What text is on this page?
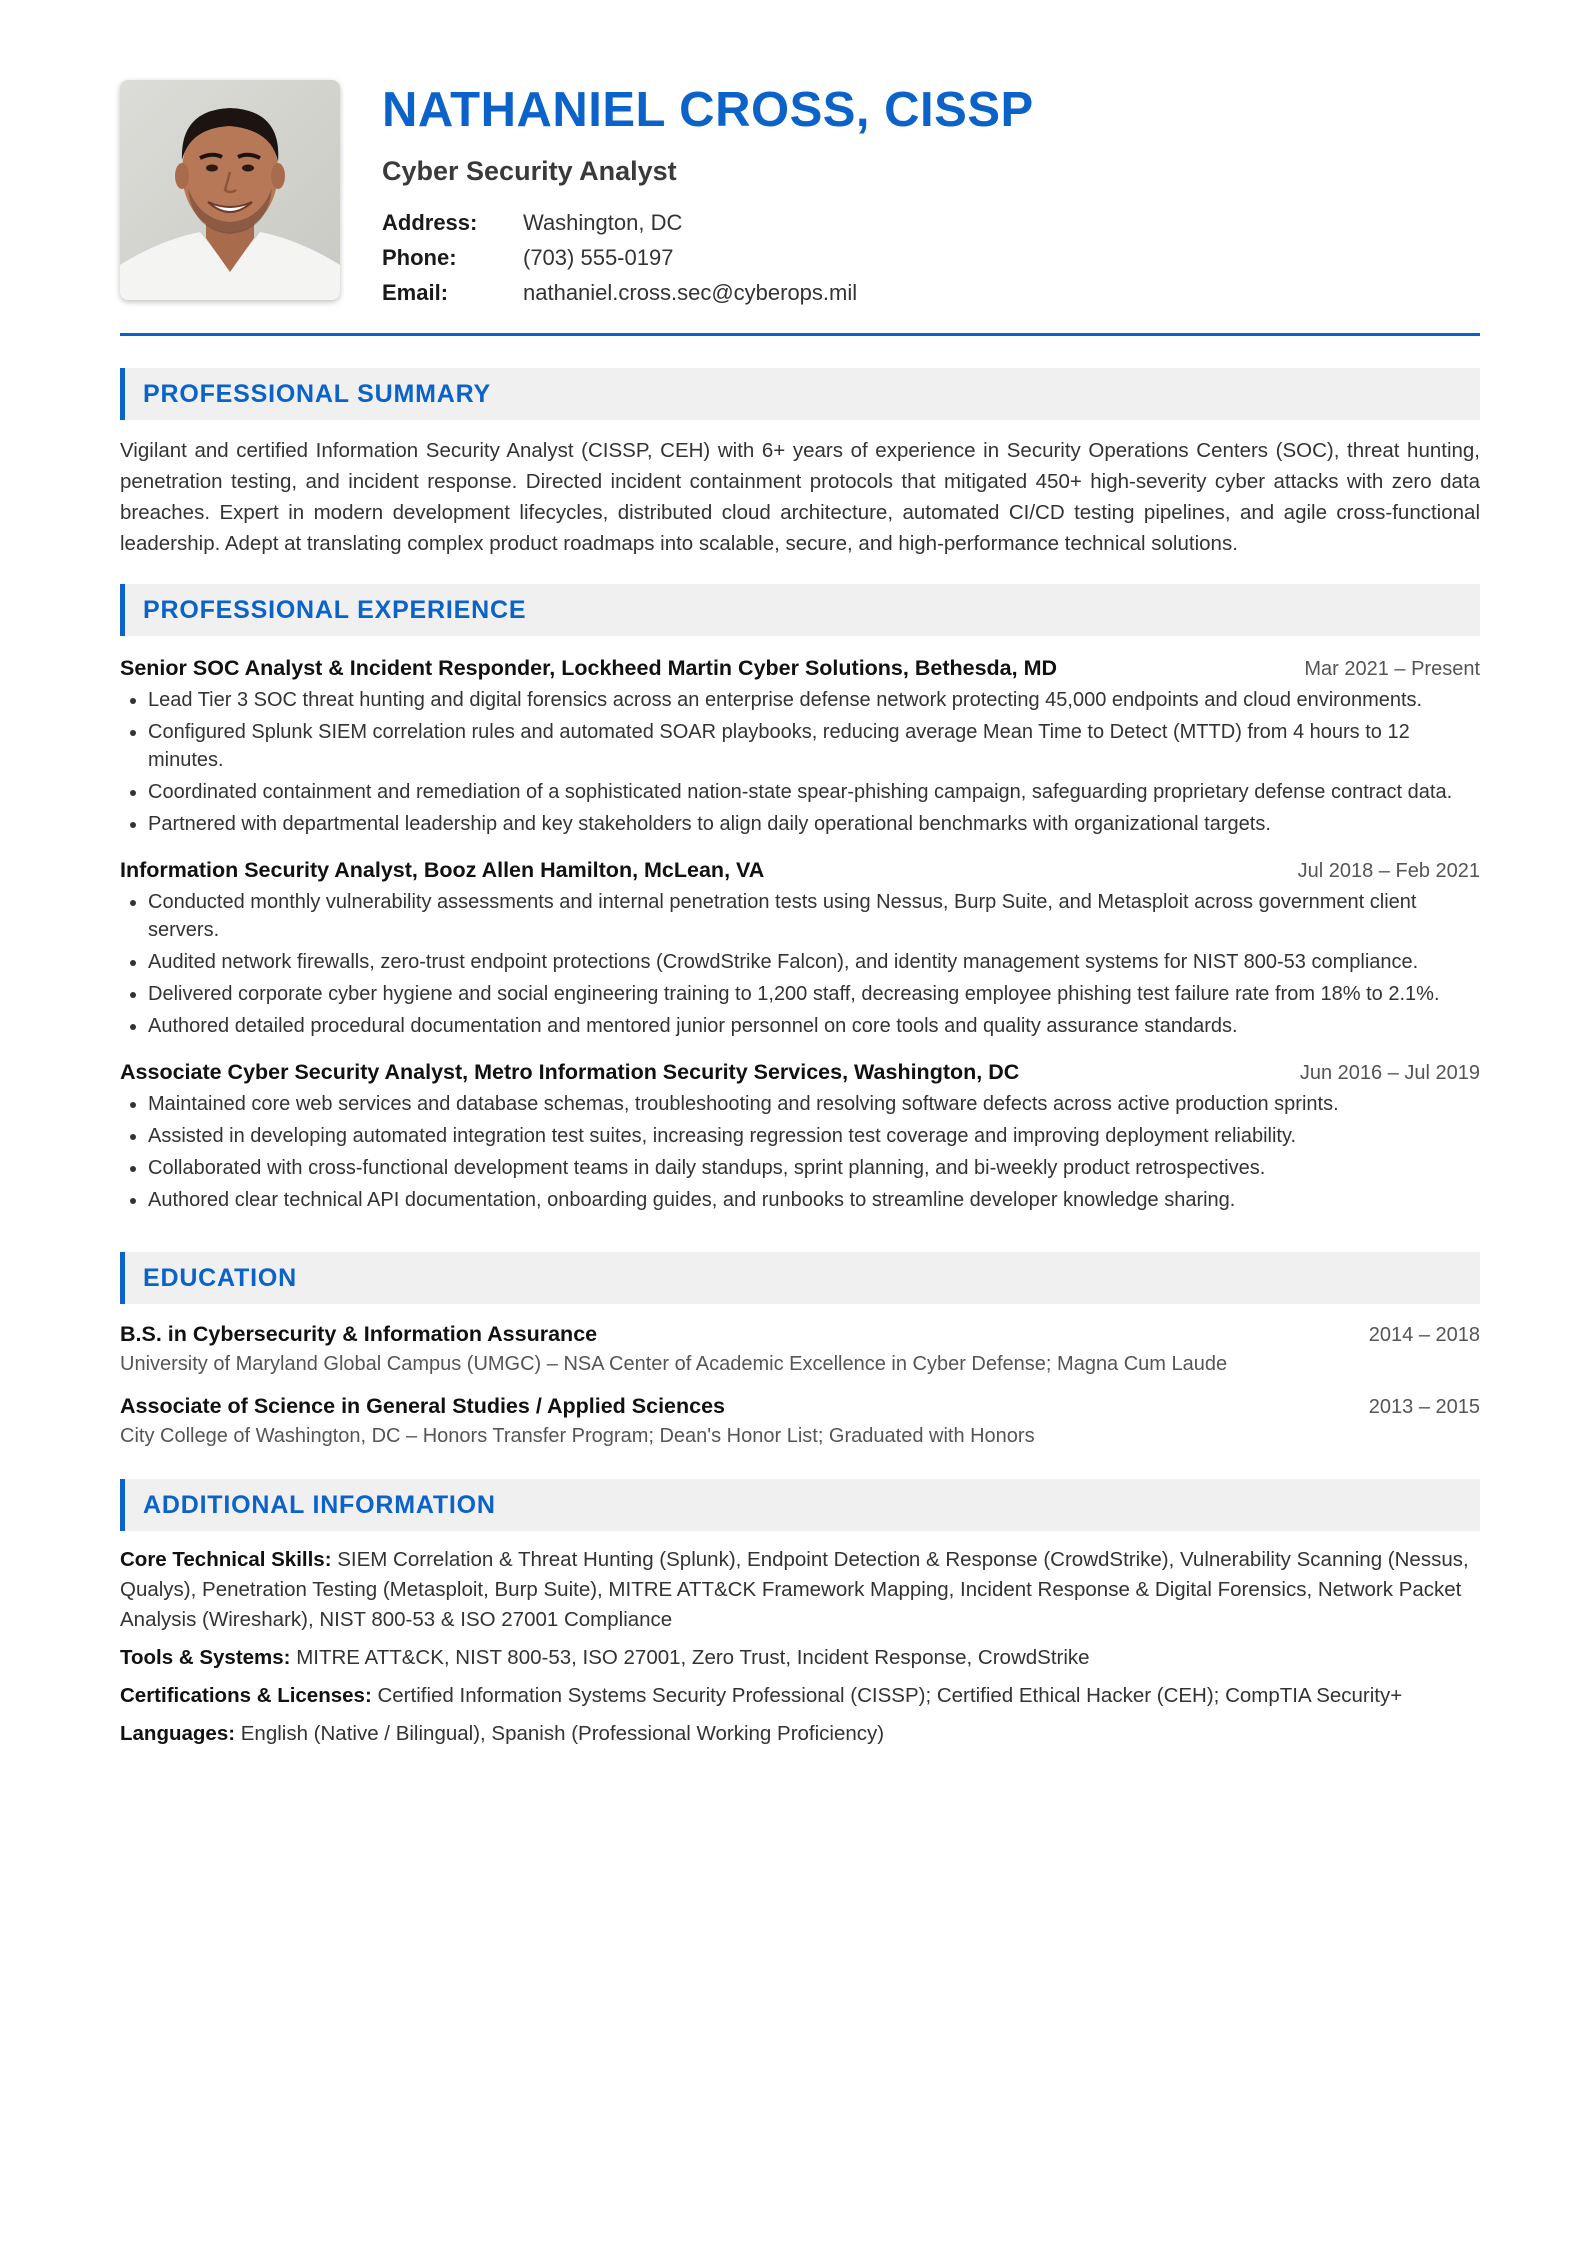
NATHANIEL CROSS, CISSP
Cyber Security Analyst
Address:	Washington, DC
Phone:	(703) 555-0197
Email:	nathaniel.cross.sec@cyberops.mil
PROFESSIONAL SUMMARY
Vigilant and certified Information Security Analyst (CISSP, CEH) with 6+ years of experience in Security Operations Centers (SOC), threat hunting, penetration testing, and incident response. Directed incident containment protocols that mitigated 450+ high-severity cyber attacks with zero data breaches. Expert in modern development lifecycles, distributed cloud architecture, automated CI/CD testing pipelines, and agile cross-functional leadership. Adept at translating complex product roadmaps into scalable, secure, and high-performance technical solutions.
PROFESSIONAL EXPERIENCE
Senior SOC Analyst & Incident Responder, Lockheed Martin Cyber Solutions, Bethesda, MD	Mar 2021 – Present
• Lead Tier 3 SOC threat hunting and digital forensics across an enterprise defense network protecting 45,000 endpoints and cloud environments.
• Configured Splunk SIEM correlation rules and automated SOAR playbooks, reducing average Mean Time to Detect (MTTD) from 4 hours to 12 minutes.
• Coordinated containment and remediation of a sophisticated nation-state spear-phishing campaign, safeguarding proprietary defense contract data.
• Partnered with departmental leadership and key stakeholders to align daily operational benchmarks with organizational targets.
Information Security Analyst, Booz Allen Hamilton, McLean, VA	Jul 2018 – Feb 2021
• Conducted monthly vulnerability assessments and internal penetration tests using Nessus, Burp Suite, and Metasploit across government client servers.
• Audited network firewalls, zero-trust endpoint protections (CrowdStrike Falcon), and identity management systems for NIST 800-53 compliance.
• Delivered corporate cyber hygiene and social engineering training to 1,200 staff, decreasing employee phishing test failure rate from 18% to 2.1%.
• Authored detailed procedural documentation and mentored junior personnel on core tools and quality assurance standards.
Associate Cyber Security Analyst, Metro Information Security Services, Washington, DC	Jun 2016 – Jul 2019
• Maintained core web services and database schemas, troubleshooting and resolving software defects across active production sprints.
• Assisted in developing automated integration test suites, increasing regression test coverage and improving deployment reliability.
• Collaborated with cross-functional development teams in daily standups, sprint planning, and bi-weekly product retrospectives.
• Authored clear technical API documentation, onboarding guides, and runbooks to streamline developer knowledge sharing.
EDUCATION
B.S. in Cybersecurity & Information Assurance	2014 – 2018
University of Maryland Global Campus (UMGC) – NSA Center of Academic Excellence in Cyber Defense; Magna Cum Laude
Associate of Science in General Studies / Applied Sciences	2013 – 2015
City College of Washington, DC – Honors Transfer Program; Dean's Honor List; Graduated with Honors
ADDITIONAL INFORMATION
Core Technical Skills: SIEM Correlation & Threat Hunting (Splunk), Endpoint Detection & Response (CrowdStrike), Vulnerability Scanning (Nessus, Qualys), Penetration Testing (Metasploit, Burp Suite), MITRE ATT&CK Framework Mapping, Incident Response & Digital Forensics, Network Packet Analysis (Wireshark), NIST 800-53 & ISO 27001 Compliance
Tools & Systems: MITRE ATT&CK, NIST 800-53, ISO 27001, Zero Trust, Incident Response, CrowdStrike
Certifications & Licenses: Certified Information Systems Security Professional (CISSP); Certified Ethical Hacker (CEH); CompTIA Security+
Languages: English (Native / Bilingual), Spanish (Professional Working Proficiency)
